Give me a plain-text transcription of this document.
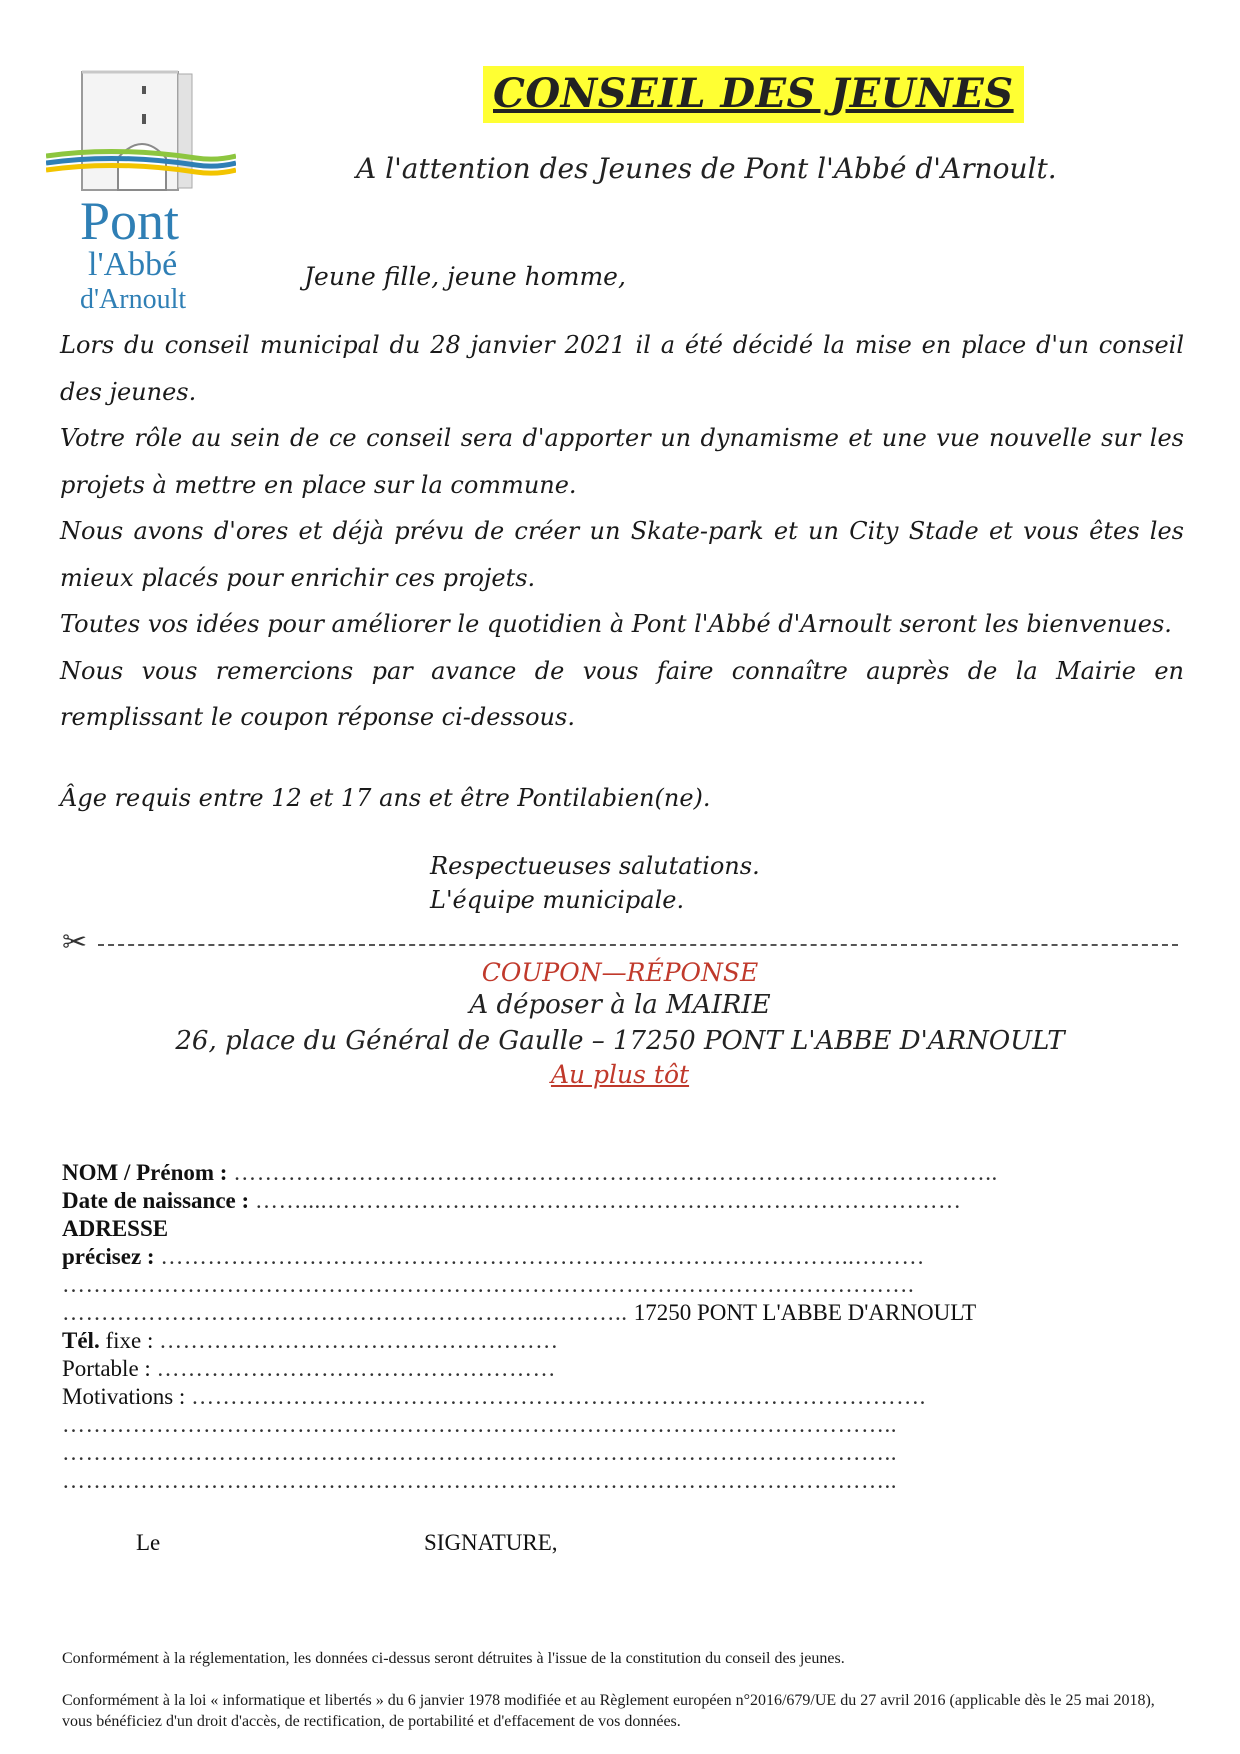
Pont
l'Abbé
d'Arnoult
CONSEIL DES JEUNES
A l'attention des Jeunes de Pont l'Abbé d'Arnoult.
Jeune fille, jeune homme,

Lors du conseil municipal du 28 janvier 2021 il a été décidé la mise en place d'un conseil des jeunes.

Votre rôle au sein de ce conseil sera d'apporter un dynamisme et une vue nouvelle sur les projets à mettre en place sur la commune.

Nous avons d'ores et déjà prévu de créer un Skate-park et un City Stade et vous êtes les mieux placés pour enrichir ces projets.

Toutes vos idées pour améliorer le quotidien à Pont l'Abbé d'Arnoult seront les bienvenues.

Nous vous remercions par avance de vous faire connaître auprès de la Mairie en remplissant le coupon réponse ci-dessous.

Âge requis entre 12 et 17 ans et être Pontilabien(ne).
Respectueuses salutations.
L'équipe municipale.
✂
COUPON—RÉPONSE
A déposer à la MAIRIE
26, place du Général de Gaulle – 17250 PONT L'ABBE D'ARNOULT
Au plus tôt
NOM / Prénom : ……………………………………………………………………………………..
Date de naissance : ……....………………………………………………………………………
ADRESSE
précisez : ……………………………………………………………………………..………
……………………………………………………………………………………………….
……………………………………………………..……….. 17250 PONT L'ABBE D'ARNOULT
Tél. fixe : ……………………………………………
Portable : ……………………………………………
Motivations : ………………………………………………………………………………….
……………………………………………………………………………………………..
……………………………………………………………………………………………..
……………………………………………………………………………………………..
Le	SIGNATURE,
Conformément à la réglementation, les données ci-dessus seront détruites à l'issue de la constitution du conseil des jeunes.
Conformément à la loi « informatique et libertés » du 6 janvier 1978 modifiée et au Règlement européen n°2016/679/UE du 27 avril 2016 (applicable dès le 25 mai 2018), vous bénéficiez d'un droit d'accès, de rectification, de portabilité et d'effacement de vos données.
